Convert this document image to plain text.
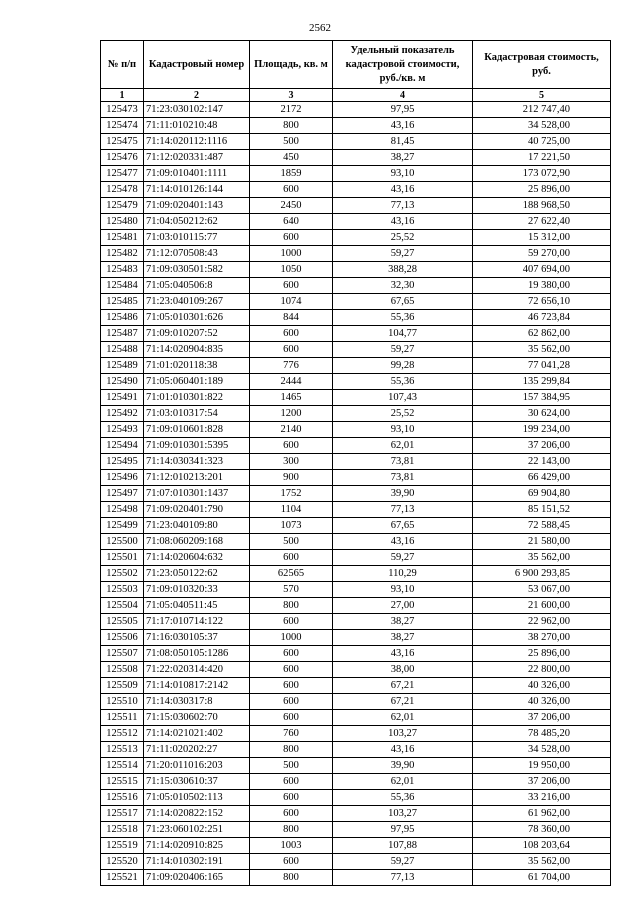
2562
№ п/п	Кадастровый номер	Площадь, кв. м	Удельный показатель кадастровой стоимости, руб./кв. м	Кадастровая стоимость, руб.
1	2	3	4	5
125473	71:23:030102:147	2172	97,95	212 747,40
125474	71:11:010210:48	800	43,16	34 528,00
125475	71:14:020112:1116	500	81,45	40 725,00
125476	71:12:020331:487	450	38,27	17 221,50
125477	71:09:010401:1111	1859	93,10	173 072,90
125478	71:14:010126:144	600	43,16	25 896,00
125479	71:09:020401:143	2450	77,13	188 968,50
125480	71:04:050212:62	640	43,16	27 622,40
125481	71:03:010115:77	600	25,52	15 312,00
125482	71:12:070508:43	1000	59,27	59 270,00
125483	71:09:030501:582	1050	388,28	407 694,00
125484	71:05:040506:8	600	32,30	19 380,00
125485	71:23:040109:267	1074	67,65	72 656,10
125486	71:05:010301:626	844	55,36	46 723,84
125487	71:09:010207:52	600	104,77	62 862,00
125488	71:14:020904:835	600	59,27	35 562,00
125489	71:01:020118:38	776	99,28	77 041,28
125490	71:05:060401:189	2444	55,36	135 299,84
125491	71:01:010301:822	1465	107,43	157 384,95
125492	71:03:010317:54	1200	25,52	30 624,00
125493	71:09:010601:828	2140	93,10	199 234,00
125494	71:09:010301:5395	600	62,01	37 206,00
125495	71:14:030341:323	300	73,81	22 143,00
125496	71:12:010213:201	900	73,81	66 429,00
125497	71:07:010301:1437	1752	39,90	69 904,80
125498	71:09:020401:790	1104	77,13	85 151,52
125499	71:23:040109:80	1073	67,65	72 588,45
125500	71:08:060209:168	500	43,16	21 580,00
125501	71:14:020604:632	600	59,27	35 562,00
125502	71:23:050122:62	62565	110,29	6 900 293,85
125503	71:09:010320:33	570	93,10	53 067,00
125504	71:05:040511:45	800	27,00	21 600,00
125505	71:17:010714:122	600	38,27	22 962,00
125506	71:16:030105:37	1000	38,27	38 270,00
125507	71:08:050105:1286	600	43,16	25 896,00
125508	71:22:020314:420	600	38,00	22 800,00
125509	71:14:010817:2142	600	67,21	40 326,00
125510	71:14:030317:8	600	67,21	40 326,00
125511	71:15:030602:70	600	62,01	37 206,00
125512	71:14:021021:402	760	103,27	78 485,20
125513	71:11:020202:27	800	43,16	34 528,00
125514	71:20:011016:203	500	39,90	19 950,00
125515	71:15:030610:37	600	62,01	37 206,00
125516	71:05:010502:113	600	55,36	33 216,00
125517	71:14:020822:152	600	103,27	61 962,00
125518	71:23:060102:251	800	97,95	78 360,00
125519	71:14:020910:825	1003	107,88	108 203,64
125520	71:14:010302:191	600	59,27	35 562,00
125521	71:09:020406:165	800	77,13	61 704,00
